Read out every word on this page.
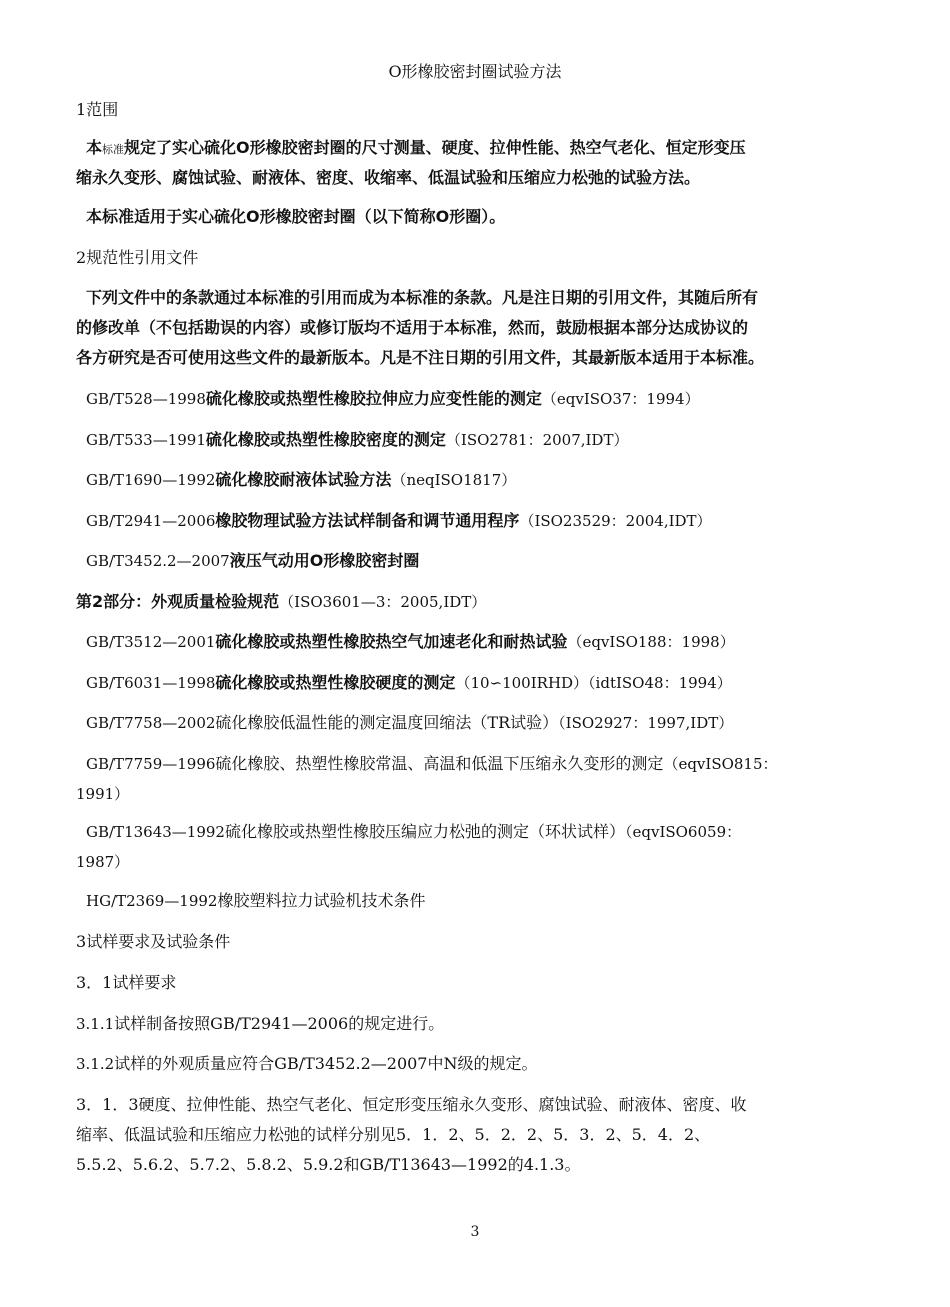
O形橡胶密封圈试验方法
1范围
本标准规定了实心硫化O形橡胶密封圈的尺寸测量、硬度、拉伸性能、热空气老化、恒定形变压
缩永久变形、腐蚀试验、耐液体、密度、收缩率、低温试验和压缩应力松弛的试验方法。
本标准适用于实心硫化O形橡胶密封圈（以下简称O形圈）。
2规范性引用文件
下列文件中的条款通过本标准的引用而成为本标准的条款。凡是注日期的引用文件，其随后所有
的修改单（不包括勘误的内容）或修订版均不适用于本标准，然而，鼓励根据本部分达成协议的
各方研究是否可使用这些文件的最新版本。凡是不注日期的引用文件，其最新版本适用于本标准。
GB/T528—1998硫化橡胶或热塑性橡胶拉伸应力应变性能的测定（eqvISO37：1994）
GB/T533—1991硫化橡胶或热塑性橡胶密度的测定（ISO2781：2007,IDT）
GB/T1690—1992硫化橡胶耐液体试验方法（neqISO1817）
GB/T2941—2006橡胶物理试验方法试样制备和调节通用程序（ISO23529：2004,IDT）
GB/T3452.2—2007液压气动用O形橡胶密封圈
第2部分：外观质量检验规范（ISO3601—3：2005,IDT）
GB/T3512—2001硫化橡胶或热塑性橡胶热空气加速老化和耐热试验（eqvISO188：1998）
GB/T6031—1998硫化橡胶或热塑性橡胶硬度的测定（10∽100IRHD）（idtISO48：1994）
GB/T7758—2002硫化橡胶低温性能的测定温度回缩法（TR试验）（ISO2927：1997,IDT）
GB/T7759—1996硫化橡胶、热塑性橡胶常温、高温和低温下压缩永久变形的测定（eqvISO815：
1991）
GB/T13643—1992硫化橡胶或热塑性橡胶压编应力松弛的测定（环状试样）（eqvISO6059：
1987）
HG/T2369—1992橡胶塑料拉力试验机技术条件
3试样要求及试验条件
3．1试样要求
3.1.1试样制备按照GB/T2941—2006的规定进行。
3.1.2试样的外观质量应符合GB/T3452.2—2007中N级的规定。
3．1．3硬度、拉伸性能、热空气老化、恒定形变压缩永久变形、腐蚀试验、耐液体、密度、收
缩率、低温试验和压缩应力松弛的试样分别见5．1．2、5．2．2、5．3．2、5．4．2、
5.5.2、5.6.2、5.7.2、5.8.2、5.9.2和GB/T13643—1992的4.1.3。
3
